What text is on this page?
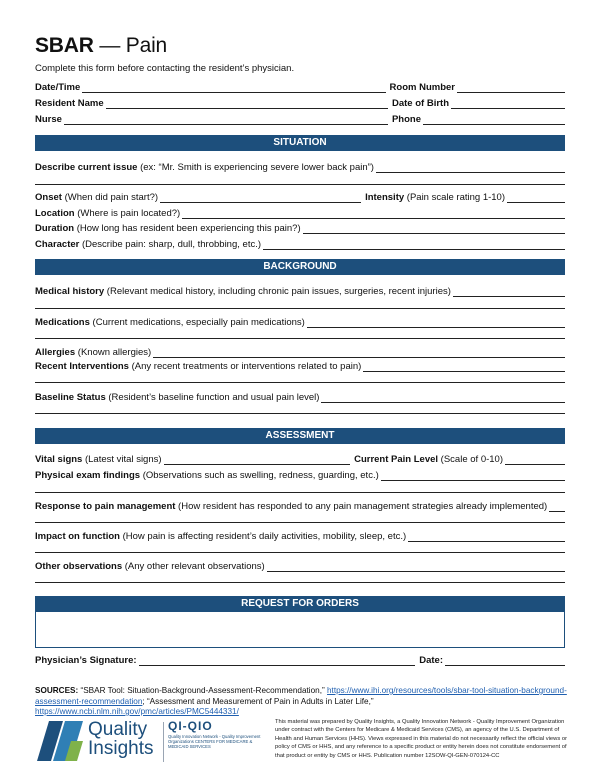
SBAR — Pain
Complete this form before contacting the resident’s physician.
Date/Time	Room Number
Resident Name	Date of Birth
Nurse	Phone
SITUATION
Describe current issue (ex: “Mr. Smith is experiencing severe lower back pain”)
Onset (When did pain start?)	Intensity (Pain scale rating 1-10)
Location (Where is pain located?)
Duration (How long has resident been experiencing this pain?)
Character (Describe pain: sharp, dull, throbbing, etc.)
BACKGROUND
Medical history (Relevant medical history, including chronic pain issues, surgeries, recent injuries)
Medications (Current medications, especially pain medications)
Allergies (Known allergies)
Recent Interventions (Any recent treatments or interventions related to pain)
Baseline Status (Resident’s baseline function and usual pain level)
ASSESSMENT
Vital signs (Latest vital signs)	Current Pain Level (Scale of 0-10)
Physical exam findings (Observations such as swelling, redness, guarding, etc.)
Response to pain management (How resident has responded to any pain management strategies already implemented)
Impact on function (How pain is affecting resident’s daily activities, mobility, sleep, etc.)
Other observations (Any other relevant observations)
REQUEST FOR ORDERS
Physician’s Signature:	Date:
SOURCES: “SBAR Tool: Situation-Background-Assessment-Recommendation,” https://www.ihi.org/resources/tools/sbar-tool-situation-background-assessment-recommendation; “Assessment and Measurement of Pain in Adults in Later Life,” https://www.ncbi.nlm.nih.gov/pmc/articles/PMC5444331/
Quality
Insights
QI-QIO
Quality Innovation Network - Quality Improvement Organizations CENTERS FOR MEDICARE & MEDICAID SERVICES
This material was prepared by Quality Insights, a Quality Innovation Network - Quality Improvement Organization under contract with the Centers for Medicare & Medicaid Services (CMS), an agency of the U.S. Department of Health and Human Services (HHS). Views expressed in this material do not necessarily reflect the official views or policy of CMS or HHS, and any reference to a specific product or entity herein does not constitute endorsement of that product or entity by CMS or HHS. Publication number 12SOW-QI-GEN-070124-CC
